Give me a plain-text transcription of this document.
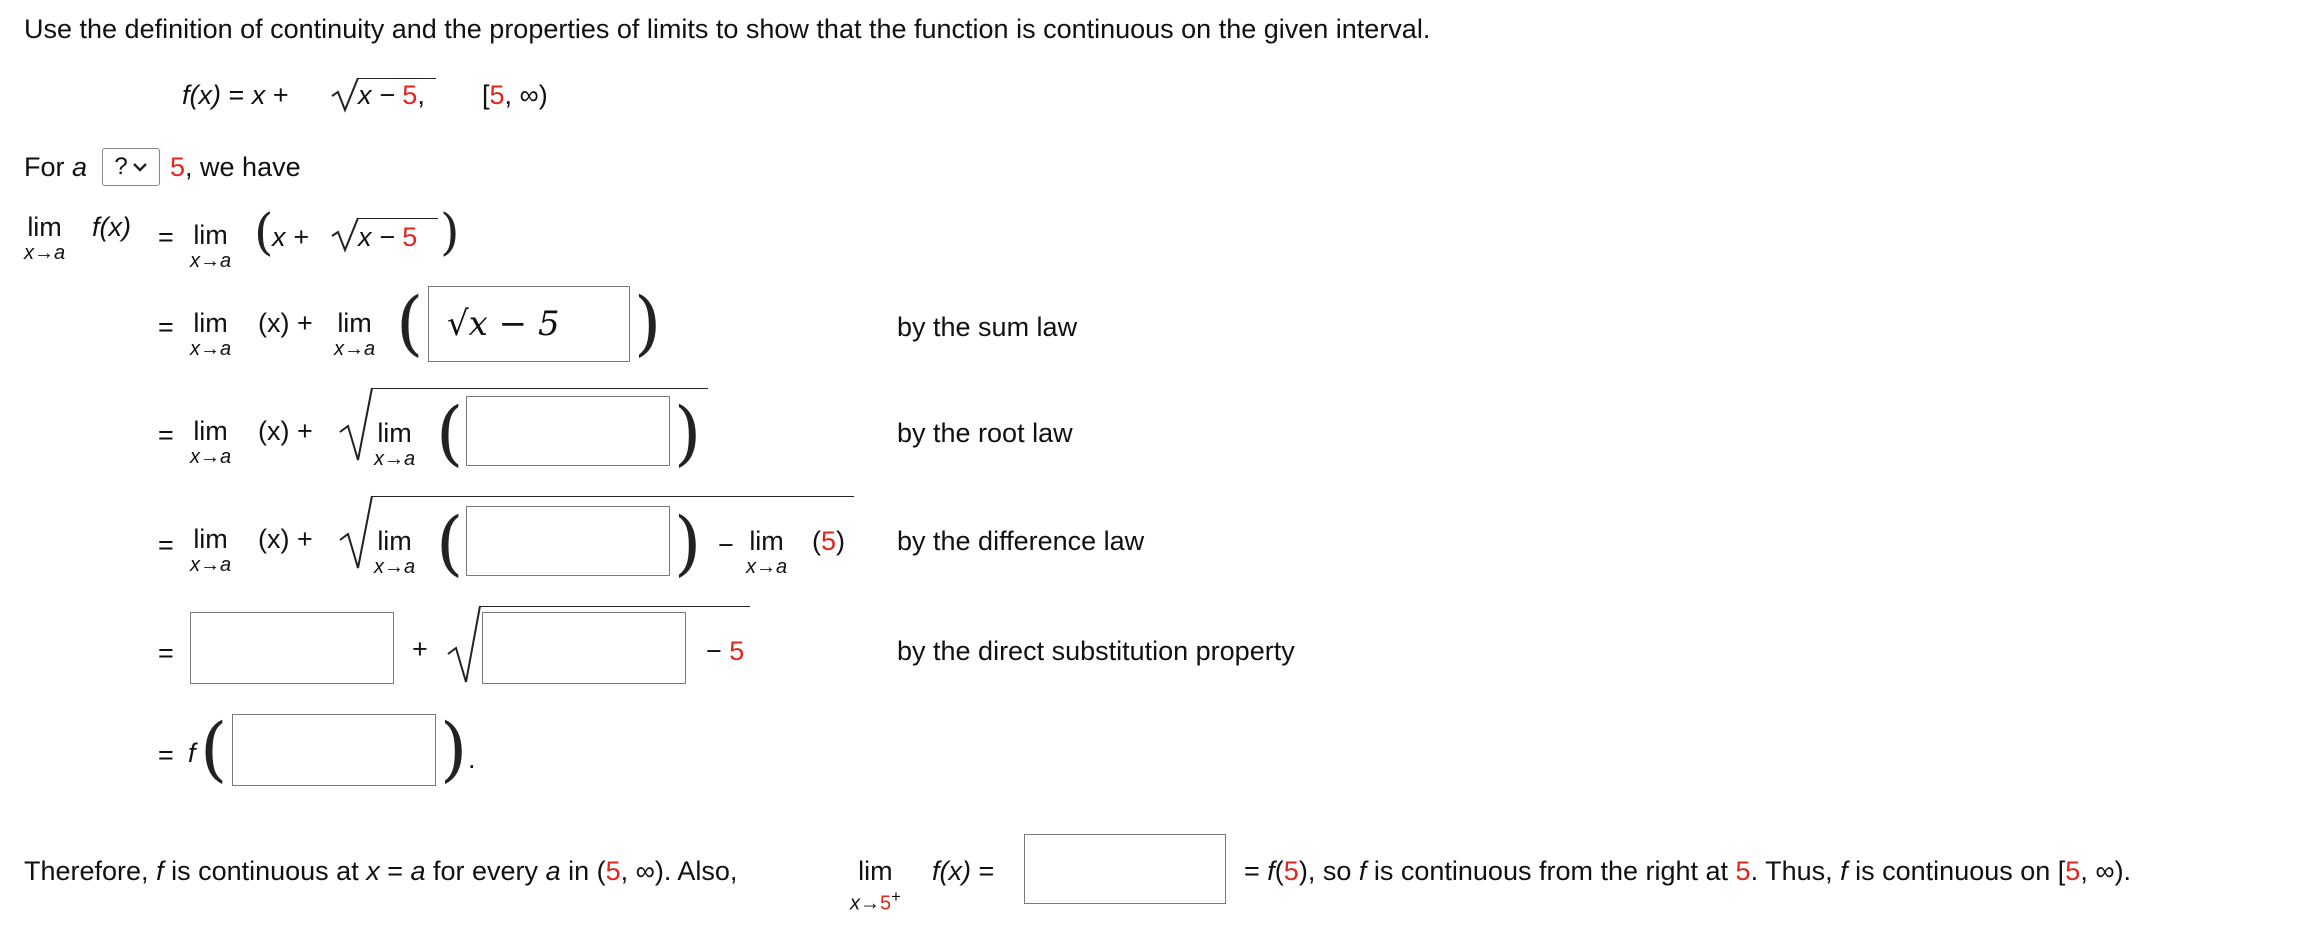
Use the definition of continuity and the properties of limits to show that the function is continuous on the given interval.
f(x) = x +	x − 5, [5, ∞)
For a ? 5, we have
lim
x→a
f(x) = lim
x→a (
x + x − 5 )
= lim
x→a
(x) + lim
x→a ( √x − 5 )	by the sum law
= lim
x→a
(x) + lim
x→a (	)	by the root law
= lim
x→a
(x) + lim
x→a (	) − lim
x→a
(5) by the difference law
=	+	− 5	by the direct substitution property
= f (	) .
Therefore, f is continuous at x = a for every a in (5, ∞). Also,	lim
x→5+
f(x) =	= f(5), so f is continuous from the right at 5. Thus, f is continuous on [5, ∞).
